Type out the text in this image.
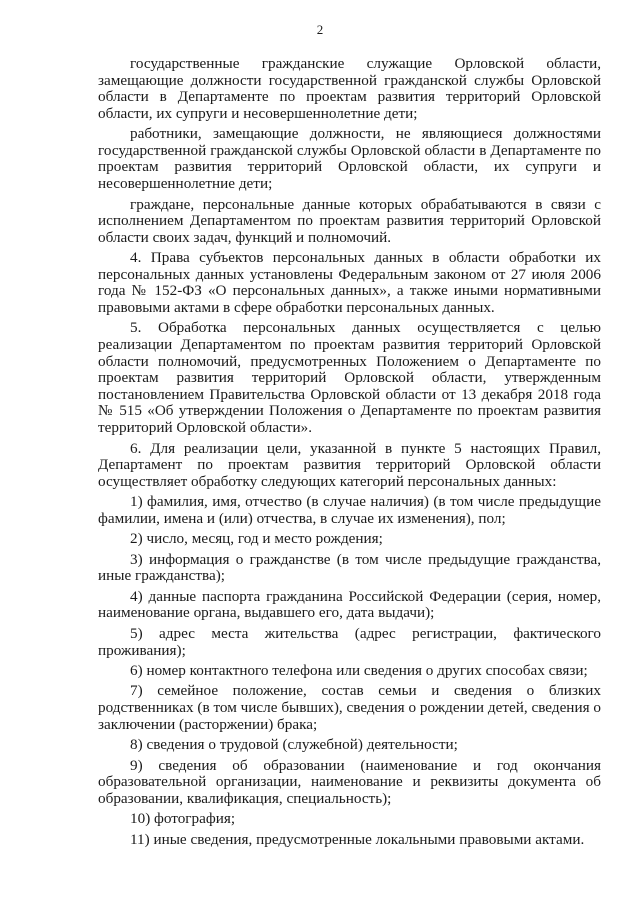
2

государственные гражданские служащие Орловской области, замещающие должности государственной гражданской службы Орловской области в Департаменте по проектам развития территорий Орловской области, их супруги и несовершеннолетние дети;

работники, замещающие должности, не являющиеся должностями государственной гражданской службы Орловской области в Департаменте по проектам развития территорий Орловской области, их супруги и несовершеннолетние дети;

граждане, персональные данные которых обрабатываются в связи с исполнением Департаментом по проектам развития территорий Орловской области своих задач, функций и полномочий.

4. Права субъектов персональных данных в области обработки их персональных данных установлены Федеральным законом от 27 июля 2006 года № 152-ФЗ «О персональных данных», а также иными нормативными правовыми актами в сфере обработки персональных данных.

5. Обработка персональных данных осуществляется с целью реализации Департаментом по проектам развития территорий Орловской области полномочий, предусмотренных Положением о Департаменте по проектам развития территорий Орловской области, утвержденным постановлением Правительства Орловской области от 13 декабря 2018 года № 515 «Об утверждении Положения о Департаменте по проектам развития территорий Орловской области».

6. Для реализации цели, указанной в пункте 5 настоящих Правил, Департамент по проектам развития территорий Орловской области осуществляет обработку следующих категорий персональных данных:

1) фамилия, имя, отчество (в случае наличия) (в том числе предыдущие фамилии, имена и (или) отчества, в случае их изменения), пол;

2) число, месяц, год и место рождения;

3) информация о гражданстве (в том числе предыдущие гражданства, иные гражданства);

4) данные паспорта гражданина Российской Федерации (серия, номер, наименование органа, выдавшего его, дата выдачи);

5) адрес места жительства (адрес регистрации, фактического проживания);

6) номер контактного телефона или сведения о других способах связи;

7) семейное положение, состав семьи и сведения о близких родственниках (в том числе бывших), сведения о рождении детей, сведения о заключении (расторжении) брака;

8) сведения о трудовой (служебной) деятельности;

9) сведения об образовании (наименование и год окончания образовательной организации, наименование и реквизиты документа об образовании, квалификация, специальность);

10) фотография;

11) иные сведения, предусмотренные локальными правовыми актами.
